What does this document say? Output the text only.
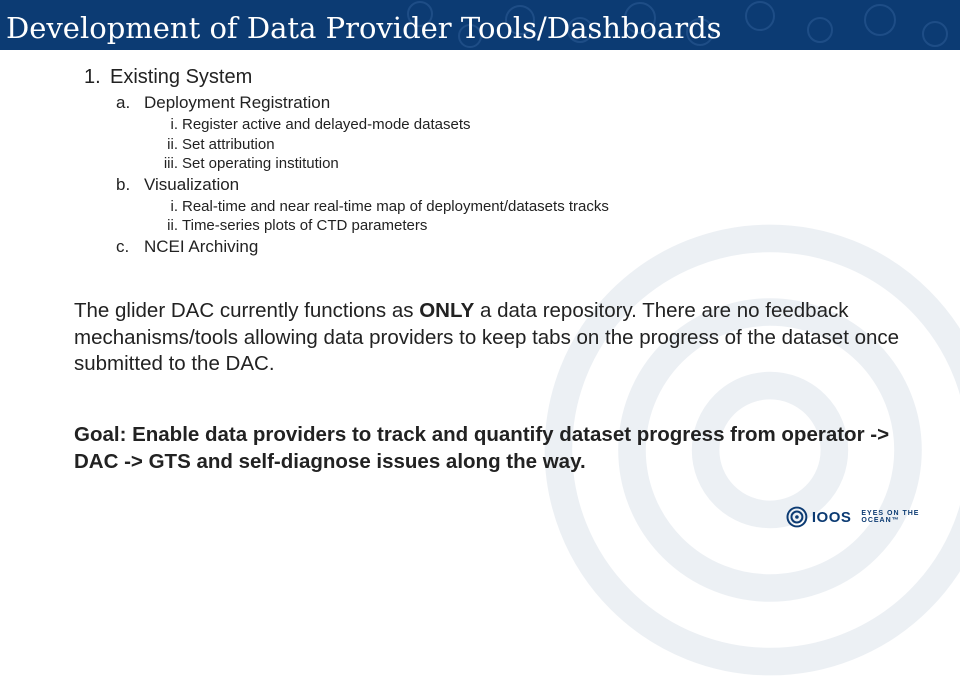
Development of Data Provider Tools/Dashboards
1. Existing System
a. Deployment Registration
i. Register active and delayed-mode datasets
ii. Set attribution
iii. Set operating institution
b. Visualization
i. Real-time and near real-time map of deployment/datasets tracks
ii. Time-series plots of CTD parameters
c. NCEI Archiving

The glider DAC currently functions as ONLY a data repository. There are no feedback mechanisms/tools allowing data providers to keep tabs on the progress of the dataset once submitted to the DAC.

Goal: Enable data providers to track and quantify dataset progress from operator -> DAC -> GTS and self-diagnose issues along the way.

IOOS EYES ON THE OCEAN™
